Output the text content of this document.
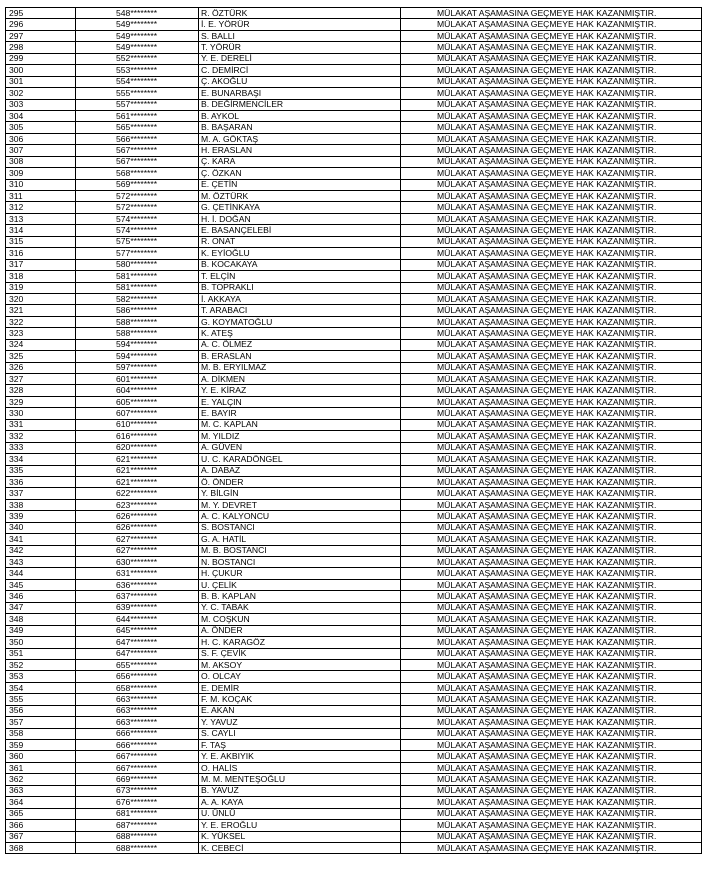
295	548********	R. ÖZTÜRK	MÜLAKAT AŞAMASINA GEÇMEYE HAK KAZANMIŞTIR.
296	549********	İ. E. YÖRÜR	MÜLAKAT AŞAMASINA GEÇMEYE HAK KAZANMIŞTIR.
297	549********	S. BALLI	MÜLAKAT AŞAMASINA GEÇMEYE HAK KAZANMIŞTIR.
298	549********	T. YÖRÜR	MÜLAKAT AŞAMASINA GEÇMEYE HAK KAZANMIŞTIR.
299	552********	Y. E. DERELİ	MÜLAKAT AŞAMASINA GEÇMEYE HAK KAZANMIŞTIR.
300	553********	C. DEMİRCİ	MÜLAKAT AŞAMASINA GEÇMEYE HAK KAZANMIŞTIR.
301	554********	Ç. AKOĞLU	MÜLAKAT AŞAMASINA GEÇMEYE HAK KAZANMIŞTIR.
302	555********	E. BUNARBAŞI	MÜLAKAT AŞAMASINA GEÇMEYE HAK KAZANMIŞTIR.
303	557********	B. DEĞİRMENCİLER	MÜLAKAT AŞAMASINA GEÇMEYE HAK KAZANMIŞTIR.
304	561********	B. AYKOL	MÜLAKAT AŞAMASINA GEÇMEYE HAK KAZANMIŞTIR.
305	565********	B. BAŞARAN	MÜLAKAT AŞAMASINA GEÇMEYE HAK KAZANMIŞTIR.
306	566********	M. A. GÖKTAŞ	MÜLAKAT AŞAMASINA GEÇMEYE HAK KAZANMIŞTIR.
307	567********	H. ERASLAN	MÜLAKAT AŞAMASINA GEÇMEYE HAK KAZANMIŞTIR.
308	567********	Ç. KARA	MÜLAKAT AŞAMASINA GEÇMEYE HAK KAZANMIŞTIR.
309	568********	Ç. ÖZKAN	MÜLAKAT AŞAMASINA GEÇMEYE HAK KAZANMIŞTIR.
310	569********	E. ÇETİN	MÜLAKAT AŞAMASINA GEÇMEYE HAK KAZANMIŞTIR.
311	572********	M. ÖZTÜRK	MÜLAKAT AŞAMASINA GEÇMEYE HAK KAZANMIŞTIR.
312	572********	G. ÇETİNKAYA	MÜLAKAT AŞAMASINA GEÇMEYE HAK KAZANMIŞTIR.
313	574********	H. İ. DOĞAN	MÜLAKAT AŞAMASINA GEÇMEYE HAK KAZANMIŞTIR.
314	574********	E. BASANÇELEBİ	MÜLAKAT AŞAMASINA GEÇMEYE HAK KAZANMIŞTIR.
315	575********	R. ONAT	MÜLAKAT AŞAMASINA GEÇMEYE HAK KAZANMIŞTIR.
316	577********	K. EYİOĞLU	MÜLAKAT AŞAMASINA GEÇMEYE HAK KAZANMIŞTIR.
317	580********	B. KOCAKAYA	MÜLAKAT AŞAMASINA GEÇMEYE HAK KAZANMIŞTIR.
318	581********	T. ELÇİN	MÜLAKAT AŞAMASINA GEÇMEYE HAK KAZANMIŞTIR.
319	581********	B. TOPRAKLI	MÜLAKAT AŞAMASINA GEÇMEYE HAK KAZANMIŞTIR.
320	582********	İ. AKKAYA	MÜLAKAT AŞAMASINA GEÇMEYE HAK KAZANMIŞTIR.
321	586********	T. ARABACI	MÜLAKAT AŞAMASINA GEÇMEYE HAK KAZANMIŞTIR.
322	588********	G. KOYMATOĞLU	MÜLAKAT AŞAMASINA GEÇMEYE HAK KAZANMIŞTIR.
323	588********	K. ATEŞ	MÜLAKAT AŞAMASINA GEÇMEYE HAK KAZANMIŞTIR.
324	594********	A. C. ÖLMEZ	MÜLAKAT AŞAMASINA GEÇMEYE HAK KAZANMIŞTIR.
325	594********	B. ERASLAN	MÜLAKAT AŞAMASINA GEÇMEYE HAK KAZANMIŞTIR.
326	597********	M. B. ERYILMAZ	MÜLAKAT AŞAMASINA GEÇMEYE HAK KAZANMIŞTIR.
327	601********	A. DİKMEN	MÜLAKAT AŞAMASINA GEÇMEYE HAK KAZANMIŞTIR.
328	604********	Y. E. KİRAZ	MÜLAKAT AŞAMASINA GEÇMEYE HAK KAZANMIŞTIR.
329	605********	E. YALÇIN	MÜLAKAT AŞAMASINA GEÇMEYE HAK KAZANMIŞTIR.
330	607********	E. BAYIR	MÜLAKAT AŞAMASINA GEÇMEYE HAK KAZANMIŞTIR.
331	610********	M. C. KAPLAN	MÜLAKAT AŞAMASINA GEÇMEYE HAK KAZANMIŞTIR.
332	616********	M. YILDIZ	MÜLAKAT AŞAMASINA GEÇMEYE HAK KAZANMIŞTIR.
333	620********	A. GÜVEN	MÜLAKAT AŞAMASINA GEÇMEYE HAK KAZANMIŞTIR.
334	621********	U. C. KARADÖNGEL	MÜLAKAT AŞAMASINA GEÇMEYE HAK KAZANMIŞTIR.
335	621********	A. DABAZ	MÜLAKAT AŞAMASINA GEÇMEYE HAK KAZANMIŞTIR.
336	621********	Ö. ÖNDER	MÜLAKAT AŞAMASINA GEÇMEYE HAK KAZANMIŞTIR.
337	622********	Y. BİLGİN	MÜLAKAT AŞAMASINA GEÇMEYE HAK KAZANMIŞTIR.
338	623********	M. Y. DEVRET	MÜLAKAT AŞAMASINA GEÇMEYE HAK KAZANMIŞTIR.
339	626********	A. C. KALYONCU	MÜLAKAT AŞAMASINA GEÇMEYE HAK KAZANMIŞTIR.
340	626********	S. BOSTANCI	MÜLAKAT AŞAMASINA GEÇMEYE HAK KAZANMIŞTIR.
341	627********	G. A. HATİL	MÜLAKAT AŞAMASINA GEÇMEYE HAK KAZANMIŞTIR.
342	627********	M. B. BOSTANCI	MÜLAKAT AŞAMASINA GEÇMEYE HAK KAZANMIŞTIR.
343	630********	N. BOSTANCI	MÜLAKAT AŞAMASINA GEÇMEYE HAK KAZANMIŞTIR.
344	631********	H. ÇUKUR	MÜLAKAT AŞAMASINA GEÇMEYE HAK KAZANMIŞTIR.
345	636********	U. ÇELİK	MÜLAKAT AŞAMASINA GEÇMEYE HAK KAZANMIŞTIR.
346	637********	B. B. KAPLAN	MÜLAKAT AŞAMASINA GEÇMEYE HAK KAZANMIŞTIR.
347	639********	Y. C. TABAK	MÜLAKAT AŞAMASINA GEÇMEYE HAK KAZANMIŞTIR.
348	644********	M. COŞKUN	MÜLAKAT AŞAMASINA GEÇMEYE HAK KAZANMIŞTIR.
349	645********	A. ÖNDER	MÜLAKAT AŞAMASINA GEÇMEYE HAK KAZANMIŞTIR.
350	647********	H. C. KARAGÖZ	MÜLAKAT AŞAMASINA GEÇMEYE HAK KAZANMIŞTIR.
351	647********	S. F. ÇEVİK	MÜLAKAT AŞAMASINA GEÇMEYE HAK KAZANMIŞTIR.
352	655********	M. AKSOY	MÜLAKAT AŞAMASINA GEÇMEYE HAK KAZANMIŞTIR.
353	656********	O. OLCAY	MÜLAKAT AŞAMASINA GEÇMEYE HAK KAZANMIŞTIR.
354	658********	E. DEMİR	MÜLAKAT AŞAMASINA GEÇMEYE HAK KAZANMIŞTIR.
355	663********	F. M. KOÇAK	MÜLAKAT AŞAMASINA GEÇMEYE HAK KAZANMIŞTIR.
356	663********	E. AKAN	MÜLAKAT AŞAMASINA GEÇMEYE HAK KAZANMIŞTIR.
357	663********	Y. YAVUZ	MÜLAKAT AŞAMASINA GEÇMEYE HAK KAZANMIŞTIR.
358	666********	S. CAYLI	MÜLAKAT AŞAMASINA GEÇMEYE HAK KAZANMIŞTIR.
359	666********	F. TAŞ	MÜLAKAT AŞAMASINA GEÇMEYE HAK KAZANMIŞTIR.
360	667********	Y. E. AKBIYIK	MÜLAKAT AŞAMASINA GEÇMEYE HAK KAZANMIŞTIR.
361	667********	O. HALİS	MÜLAKAT AŞAMASINA GEÇMEYE HAK KAZANMIŞTIR.
362	669********	M. M. MENTEŞOĞLU	MÜLAKAT AŞAMASINA GEÇMEYE HAK KAZANMIŞTIR.
363	673********	B. YAVUZ	MÜLAKAT AŞAMASINA GEÇMEYE HAK KAZANMIŞTIR.
364	676********	A. A. KAYA	MÜLAKAT AŞAMASINA GEÇMEYE HAK KAZANMIŞTIR.
365	681********	U. ÜNLÜ	MÜLAKAT AŞAMASINA GEÇMEYE HAK KAZANMIŞTIR.
366	687********	Y. E. EROĞLU	MÜLAKAT AŞAMASINA GEÇMEYE HAK KAZANMIŞTIR.
367	688********	K. YÜKSEL	MÜLAKAT AŞAMASINA GEÇMEYE HAK KAZANMIŞTIR.
368	688********	K. CEBECİ	MÜLAKAT AŞAMASINA GEÇMEYE HAK KAZANMIŞTIR.
